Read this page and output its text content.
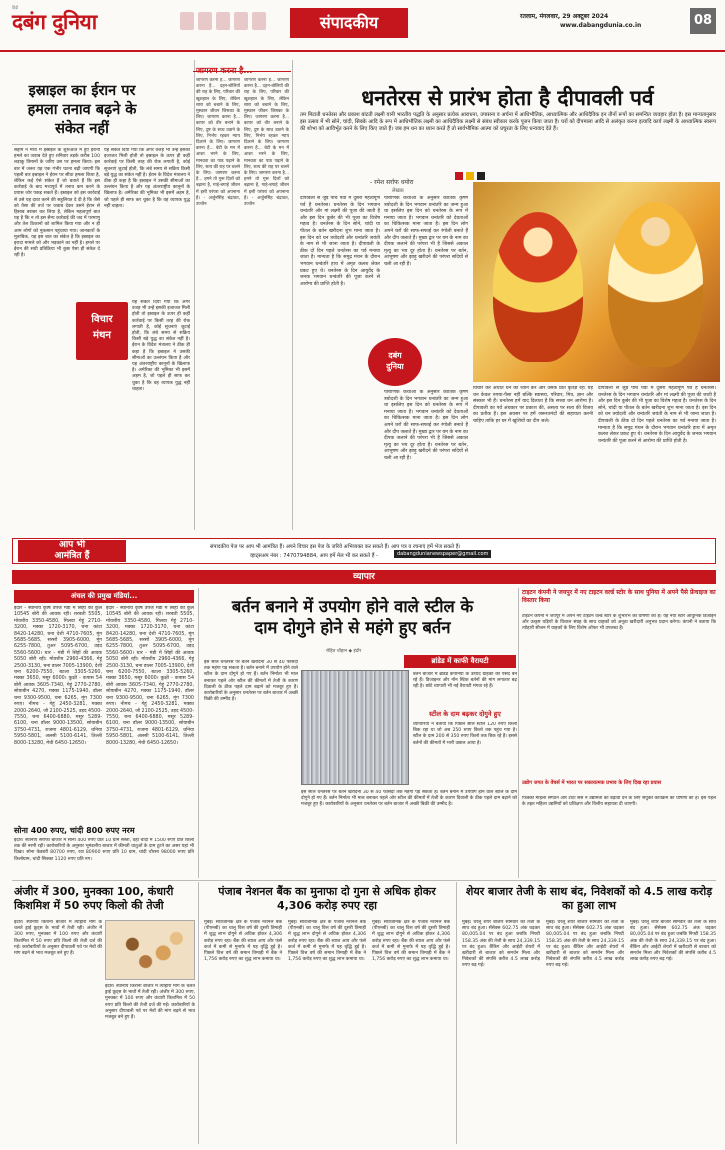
हिंदी
दबंग दुनिया	संपादकीय	रतलाम, मंगलवार, 29 अक्टूबर 2024
www.dabangdunia.co.in	08
इस्राइल का ईरान पर हमला तनाव बढ़ने के संकेत नहीं
सद्दाम ने मध्य में इस्राइल के शुरूआत में हुए ईरानी हमले का जवाब देते हुए शनिवार तड़के करीब 100 लड़ाकू विमानों के जरिए उस पर हमला किया। इस बार में जरूर यह एक गंभीर घटना बढ़ी जाएगी कि पहली बार इस्राइल ने ईरान पर सीधा हमला किया है, लेकिन कई ऐसे संकेत हैं जो बताते हैं कि इस कार्रवाई के बाद मध्यपूर्व में तनाव कम करने के प्रयास जोर पकड़ सकते हैं। इस्राइल को इस कार्रवाई से उसे यह दावा करने की सहूलियत दे दी है कि जैसे को तैसा की तर्ज पर जवाब देकर उसने ईरान से हिसाब बराबर कर लिया है, लेकिन महत्वपूर्ण बात यह है कि न तो इस सैन्य कार्रवाई की जद में परमाणु और तेल ठिकानों को शामिल किया गया और न ही आम लोगों को नुकसान पहुंचाया गया। जानकारों के मुताबिक, यह इस बात का संकेत है कि इस्राइल का इरादा मामले को और भड़काने का नहीं है। हमले पर ईरान की सधी प्रतिक्रिया भी कुछ ऐसा ही संकेत दे रही है।
यह संकेत दिया गया कि अगर वजह भी उन्हें इसकी इजाजत मिली होती तो इस्राइल के ऊपर ही कहीं कार्रवाई पर किसी तरह की रोक लगाती है, कोई सूचनाएं जुटाई होती, कि लंबे समय से सक्रिय किसी बड़े युद्ध का संकेत नहीं है। ईरान के विदेश मंत्रालय ने ठीक ही कहा है कि इस्राइल ने उसकी सीमाओं का उल्लंघन किया है और यह अंतरराष्ट्रीय कानूनों के खिलाफ है। अमेरिका की भूमिका भी इसमें अहम है, जो पहले ही साफ कर चुका है कि वह व्यापक युद्ध नहीं चाहता।
विचार
मंथन
यह संकेत दिया गया कि अगर वजह भी उन्हें इसकी इजाजत मिली होती तो इस्राइल के ऊपर ही कहीं कार्रवाई पर किसी तरह की रोक लगाती है, कोई सूचनाएं जुटाई होती, कि लंबे समय से सक्रिय किसी बड़े युद्ध का संकेत नहीं है। ईरान के विदेश मंत्रालय ने ठीक ही कहा है कि इस्राइल ने उसकी सीमाओं का उल्लंघन किया है और यह अंतरराष्ट्रीय कानूनों के खिलाफ है। अमेरिका की भूमिका भी इसमें अहम है, जो पहले ही साफ कर चुका है कि वह व्यापक युद्ध नहीं चाहता।
जागरण करना है...
जागरण करना है... जागरण करना है... दहन-बोलियों की राह के लिए, परिवार की खुशहाल के लिए, लेकिन सारा को बचाने के लिए, मुस्कान जीवन जिसका के लिए। जागरण करना है... कायर को वीर बनाने के लिए, दुष्ट के साथ उठाने के लिए, निर्भय रहकर न्याय दिलाने के लिए। जागरण करना है... बेटी के मन में आशा भरने के लिए, मानवता का पाठ पढ़ाने के लिए, सत्य की राह पर चलने के लिए। जागरण करना है... हमने तो गुरू दिलों को बढ़ाना है, गाहे-बगाहे जीवन में इसी परंपरा को अपनाना है। - अर्जुनसिंह चंद्रावत, उज्जैन
जागरण करना है... जागरण करना है... दहन-बोलियों की राह के लिए, परिवार की खुशहाल के लिए, लेकिन सारा को बचाने के लिए, मुस्कान जीवन जिसका के लिए। जागरण करना है... कायर को वीर बनाने के लिए, दुष्ट के साथ उठाने के लिए, निर्भय रहकर न्याय दिलाने के लिए। जागरण करना है... बेटी के मन में आशा भरने के लिए, मानवता का पाठ पढ़ाने के लिए, सत्य की राह पर चलने के लिए। जागरण करना है... हमने तो गुरू दिलों को बढ़ाना है, गाहे-बगाहे जीवन में इसी परंपरा को अपनाना है। - अर्जुनसिंह चंद्रावत, उज्जैन
धनतेरस से प्रारंभ होता है दीपावली पर्व
तम मिटाती धनतेरस और प्रकाश बांटती लक्ष्मी यानी भारतीय पद्धति के अनुसार प्रत्येक आराधना, उपासना व अर्चना में आधिभौतिक, आध्यात्मिक और आधिदैविक इन तीनों रूपों का समन्वित व्यवहार होता है। इस मान्यतानुसार इस उत्सव में भी सोने, चांदी, सिक्के आदि के रूप में आधिभौतिक लक्ष्मी का आधिदैविक लक्ष्मी से संबंध स्वीकार करके पूजन किया जाता है। घरों को दीपमाला आदि से अलंकृत करना इत्यादि कार्य लक्ष्मी के आध्यात्मिक स्वरूप की शोभा को आविर्भूत करने के लिए किए जाते हैं। जब हम धन का ध्यान करते हैं तो सार्वभौमिक आत्मा को प्रचुरता के लिए धन्यवाद देते हैं।
- रमेश सर्राफ धमोरा
लेखक
दीपावली से जुड़े पांच पर्वों में दूसरा महत्वपूर्ण पर्व है धनतेरस। धनतेरस के दिन भगवान धन्वंतरि और मां लक्ष्मी की पूजा की जाती है और इस दिन कुबेर की भी पूजा का विशेष महत्व है। धनतेरस के दिन सोने, चांदी या पीतल के बर्तन खरीदना शुभ माना जाता है। इस दिन को धन त्रयोदशी और धन्वंतरि जयंती के नाम से भी जाना जाता है। दीपावली के ठीक दो दिन पहले धनतेरस का पर्व मनाया जाता है। मान्यता है कि समुद्र मंथन के दौरान भगवान धन्वंतरि हाथ में अमृत कलश लेकर प्रकट हुए थे। धनतेरस के दिन आयुर्वेद के जनक भगवान धन्वंतरि की पूजा करने से आरोग्य की प्राप्ति होती है।
पौराणिक कथाओं के अनुसार कार्तिक कृष्ण त्रयोदशी के दिन भगवान धन्वंतरि का जन्म हुआ था इसलिए इस दिन को धनतेरस के रूप में मनाया जाता है। भगवान धन्वंतरि को देवताओं का चिकित्सक माना जाता है। इस दिन लोग अपने घरों की साफ-सफाई कर रंगोली बनाते हैं और दीप जलाते हैं। मुख्य द्वार पर यम के नाम का दीपक जलाने की परंपरा भी है जिससे अकाल मृत्यु का भय दूर होता है। धनतेरस पर बर्तन, आभूषण और झाड़ू खरीदने की परंपरा सदियों से चली आ रही है।
दबंग
दुनिया
पौराणिक कथाओं के अनुसार कार्तिक कृष्ण त्रयोदशी के दिन भगवान धन्वंतरि का जन्म हुआ था इसलिए इस दिन को धनतेरस के रूप में मनाया जाता है। भगवान धन्वंतरि को देवताओं का चिकित्सक माना जाता है। इस दिन लोग अपने घरों की साफ-सफाई कर रंगोली बनाते हैं और दीप जलाते हैं। मुख्य द्वार पर यम के नाम का दीपक जलाने की परंपरा भी है जिससे अकाल मृत्यु का भय दूर होता है। धनतेरस पर बर्तन, आभूषण और झाड़ू खरीदने की परंपरा सदियों से चली आ रही है।
विचार करें अर्थात धन का ध्यान करें और उसके प्रति कृतज्ञ रहें। यह धन केवल रुपया-पैसा नहीं बल्कि स्वास्थ्य, परिवार, मित्र, ज्ञान और संस्कार भी हैं। धनतेरस हमें याद दिलाता है कि सच्चा धन आरोग्य है। दीपावली का पर्व अंधकार पर प्रकाश की, असत्य पर सत्य की विजय का प्रतीक है। इस अवसर पर हमें जरूरतमंदों की सहायता करनी चाहिए ताकि हर घर में खुशियों का दीप जले।
दीपावली से जुड़े पांच पर्वों में दूसरा महत्वपूर्ण पर्व है धनतेरस। धनतेरस के दिन भगवान धन्वंतरि और मां लक्ष्मी की पूजा की जाती है और इस दिन कुबेर की भी पूजा का विशेष महत्व है। धनतेरस के दिन सोने, चांदी या पीतल के बर्तन खरीदना शुभ माना जाता है। इस दिन को धन त्रयोदशी और धन्वंतरि जयंती के नाम से भी जाना जाता है। दीपावली के ठीक दो दिन पहले धनतेरस का पर्व मनाया जाता है। मान्यता है कि समुद्र मंथन के दौरान भगवान धन्वंतरि हाथ में अमृत कलश लेकर प्रकट हुए थे। धनतेरस के दिन आयुर्वेद के जनक भगवान धन्वंतरि की पूजा करने से आरोग्य की प्राप्ति होती है।
आप भी
आमंत्रित हैं
संपादकीय पेज पर आप भी आमंत्रित हैं। अपने विचार इस पेज के जरिये अभिव्यक्त कर सकते हैं। आप पत्र व रचनाएं हमें भेज सकते हैं।
व्हाट्सअप नंबर : 7470794884, आप हमें मेल भी कर सकते हैं -	dabangdunianewspaper@gmail.com
व्यापार
अंचल की प्रमुख मंडियां...
इंदौर - स्थानीय कृषि उपज मंडी में सिंहों की कुल 10545 बोरी की आवक रही। शरबती 5505, मोवशीय 3350-4580, मिलवा गेहूं 2710-3200, मक्का 1720-3170, चना कांटा 8420-14280, चना देशी 4710-7605, मूंग 5685-5685, सरसों 3905-6000, मूंग 6255-7800, तुअर 5095-6700, उड़द 5560-5600। धार - मंडी में सिंहों की आवक 5050 बोरी रही। मोवशीय 2960-4366, गेहूं 2500-3130, चना डालर 7005-13900, देशी चना 6200-7550, बटला 3305-5260, मक्का 3650, मसूर 6000। कुक्षी - कपास 54 बोरी आवक 3605-7340, गेहूं 2770-2780, सोयाबीन 4270, मक्का 1175-1940, डॉलर चना 9300-9500, चना 6265, मूंग 7300 रुपए। नीमच - गेहूं 2450-3281, मक्का 2000-2640, जौ 2100-2525, उड़द 4500-7550, चना 6400-6880, मसूर 5289-6100, चना डॉलर 9000-13500, सोयाबीन 3750-4731, राजमा 4801-6129, धनिया 5950-5801, अलसी 5100-6141, तिल्ली 8000-13280, मेथी 6450-12650।
इंदौर - स्थानीय कृषि उपज मंडी में सिंहों की कुल 10545 बोरी की आवक रही। शरबती 5505, मोवशीय 3350-4580, मिलवा गेहूं 2710-3200, मक्का 1720-3170, चना कांटा 8420-14280, चना देशी 4710-7605, मूंग 5685-5685, सरसों 3905-6000, मूंग 6255-7800, तुअर 5095-6700, उड़द 5560-5600। धार - मंडी में सिंहों की आवक 5050 बोरी रही। मोवशीय 2960-4366, गेहूं 2500-3130, चना डालर 7005-13900, देशी चना 6200-7550, बटला 3305-5260, मक्का 3650, मसूर 6000। कुक्षी - कपास 54 बोरी आवक 3605-7340, गेहूं 2770-2780, सोयाबीन 4270, मक्का 1175-1940, डॉलर चना 9300-9500, चना 6265, मूंग 7300 रुपए। नीमच - गेहूं 2450-3281, मक्का 2000-2640, जौ 2100-2525, उड़द 4500-7550, चना 6400-6880, मसूर 5289-6100, चना डॉलर 9000-13500, सोयाबीन 3750-4731, राजमा 4801-6129, धनिया 5950-5801, अलसी 5100-6141, तिल्ली 8000-13280, मेथी 6450-12650।
सोना 400 रुपए, चांदी 800 रुपए नरम
इंदौर। स्थानीय सराफा बाजार में सोना 400 रुपए प्रति 10 ग्राम सस्ता, वहीं चांदी में 1500 रुपए प्रति किलो तक की नरमी रही। कारोबारियों के अनुसार भूमंडलीय बाजार में कीमती धातुओं के दाम टूटने का असर यहां भी दिखा। सोना केडबरी 80700 रुपए, रवा 80900 रुपए प्रति 10 ग्राम, चांदी चौरसा 98000 रुपए प्रति किलोग्राम, चांदी सिक्का 1120 रुपए प्रति नग।
बर्तन बनाने में उपयोग होने वाले स्टील के दाम दोगुने होने से महंगे हुए बर्तन
रोहित चौहान ◆ इंदौर
इस साल धनतेरस पर बर्तन खरीदना 30 से 40 फीसदी तक महंगा पड़ सकता है। बर्तन बनाने में उपयोग होने वाले स्टील के दाम दोगुने हो गए हैं। बर्तन निर्माता भी माल बनाकर पहले ओर स्टील की कीमतों में तेजी के कारण दिवाली के ठीक पहले दाम बढ़ाने को मजबूर हुए हैं। कारोबारियों के अनुसार धनतेरस पर बर्तन बाजार में अच्छी बिक्री की उम्मीद है।
ब्रांडेड में काफी वैरायटी
बर्तन बाजार में ब्रांडेड कंपनियों के उत्पाद ग्राहकों की पसंद बन रहे हैं। डिजाइनर और नॉन स्टिक बर्तनों की मांग लगातार बढ़ रही है। छोटे व्यापारी भी नई वैरायटी मंगवा रहे हैं।
स्टील के दाम बढ़कर दोगुने हुए
व्यापारियों ने बताया कि पिछले साल स्टील 120 रुपए किलो बिक रहा था जो अब 250 रुपए किलो तक पहुंच गया है। स्टील के दाम 200 से 350 रुपए किलो तक बिक रहे हैं। इससे बर्तनों की कीमतों में भारी उछाल आया है।
इस साल धनतेरस पर बर्तन खरीदना 30 से 40 फीसदी तक महंगा पड़ सकता है। बर्तन बनाने में उपयोग होने वाले स्टील के दाम दोगुने हो गए हैं। बर्तन निर्माता भी माल बनाकर पहले ओर स्टील की कीमतों में तेजी के कारण दिवाली के ठीक पहले दाम बढ़ाने को मजबूर हुए हैं। कारोबारियों के अनुसार धनतेरस पर बर्तन बाजार में अच्छी बिक्री की उम्मीद है।
टाइटन कंपनी ने जयपुर में नए टाइटन वर्ल्ड स्टोर के साथ पुनिया में अपने पैसे फ्रेंचाइज का विस्तार किया
टाइटन कंपनी ने जयपुर में अपने नए टाइटन वर्ल्ड स्टोर के शुभारंभ की घोषणा की है। यह नया स्टोर आधुनिक डिजाइन और उत्कृष्ट घड़ियों के विशाल संग्रह के साथ ग्राहकों को अनूठा खरीदारी अनुभव प्रदान करेगा। कंपनी ने बताया कि त्योहारी सीजन में ग्राहकों के लिए विशेष ऑफर भी उपलब्ध हैं।
उद्योग जगत के वेंचर्स में भारत पर सकारात्मक प्रभाव के लिए दिख रहा प्रयास
फिक्की महिला संगठन और टाटा संस ने उद्यमिता को बढ़ावा देने के लिए संयुक्त कार्यक्रम की घोषणा की है। इस पहल के तहत महिला उद्यमियों को प्रशिक्षण और वित्तीय सहायता दी जाएगी।
अंजीर में 300, मुनक्का 100, कंधारी किशमिश में 50 रुपए किलो की तेजी
इंदौर। स्थानीय किराना बाजार में त्योहारी मांग के चलते ड्राई फ्रूट्स के भावों में तेजी रही। अंजीर में 300 रुपए, मुनक्का में 100 रुपए और कंधारी किशमिश में 50 रुपए प्रति किलो की तेजी दर्ज की गई। कारोबारियों के अनुसार दीपावली पर्व पर मेवों की मांग बढ़ने से भाव मजबूत बने हुए हैं।
इंदौर। स्थानीय किराना बाजार में त्योहारी मांग के चलते ड्राई फ्रूट्स के भावों में तेजी रही। अंजीर में 300 रुपए, मुनक्का में 100 रुपए और कंधारी किशमिश में 50 रुपए प्रति किलो की तेजी दर्ज की गई। कारोबारियों के अनुसार दीपावली पर्व पर मेवों की मांग बढ़ने से भाव मजबूत बने हुए हैं।
पंजाब नेशनल बैंक का मुनाफा दो गुना से अधिक होकर 4,306 करोड़ रुपए रहा
मुंबई। सार्वजनिक क्षेत्र के पंजाब नेशनल बैंक (पीएनबी) का चालू वित्त वर्ष की दूसरी तिमाही में शुद्ध लाभ दोगुने से अधिक होकर 4,306 करोड़ रुपए रहा। बैंक की ब्याज आय और फंसे कर्ज में कमी से मुनाफे में यह वृद्धि हुई है। पिछले वित्त वर्ष की समान तिमाही में बैंक ने 1,756 करोड़ रुपए का शुद्ध लाभ कमाया था।
मुंबई। सार्वजनिक क्षेत्र के पंजाब नेशनल बैंक (पीएनबी) का चालू वित्त वर्ष की दूसरी तिमाही में शुद्ध लाभ दोगुने से अधिक होकर 4,306 करोड़ रुपए रहा। बैंक की ब्याज आय और फंसे कर्ज में कमी से मुनाफे में यह वृद्धि हुई है। पिछले वित्त वर्ष की समान तिमाही में बैंक ने 1,756 करोड़ रुपए का शुद्ध लाभ कमाया था।
मुंबई। सार्वजनिक क्षेत्र के पंजाब नेशनल बैंक (पीएनबी) का चालू वित्त वर्ष की दूसरी तिमाही में शुद्ध लाभ दोगुने से अधिक होकर 4,306 करोड़ रुपए रहा। बैंक की ब्याज आय और फंसे कर्ज में कमी से मुनाफे में यह वृद्धि हुई है। पिछले वित्त वर्ष की समान तिमाही में बैंक ने 1,756 करोड़ रुपए का शुद्ध लाभ कमाया था।
शेयर बाजार तेजी के साथ बंद, निवेशकों को 4.5 लाख करोड़ का हुआ लाभ
मुंबई। घरेलू शेयर बाजार सोमवार को तेजी के साथ बंद हुआ। सेंसेक्स 602.75 अंक चढ़कर 80,005.04 पर बंद हुआ जबकि निफ्टी 158.35 अंक की तेजी के साथ 24,339.15 पर बंद हुआ। बैंकिंग और आईटी शेयरों में खरीदारी से बाजार को समर्थन मिला और निवेशकों की संपत्ति करीब 4.5 लाख करोड़ रुपए बढ़ गई।
मुंबई। घरेलू शेयर बाजार सोमवार को तेजी के साथ बंद हुआ। सेंसेक्स 602.75 अंक चढ़कर 80,005.04 पर बंद हुआ जबकि निफ्टी 158.35 अंक की तेजी के साथ 24,339.15 पर बंद हुआ। बैंकिंग और आईटी शेयरों में खरीदारी से बाजार को समर्थन मिला और निवेशकों की संपत्ति करीब 4.5 लाख करोड़ रुपए बढ़ गई।
मुंबई। घरेलू शेयर बाजार सोमवार को तेजी के साथ बंद हुआ। सेंसेक्स 602.75 अंक चढ़कर 80,005.04 पर बंद हुआ जबकि निफ्टी 158.35 अंक की तेजी के साथ 24,339.15 पर बंद हुआ। बैंकिंग और आईटी शेयरों में खरीदारी से बाजार को समर्थन मिला और निवेशकों की संपत्ति करीब 4.5 लाख करोड़ रुपए बढ़ गई।
